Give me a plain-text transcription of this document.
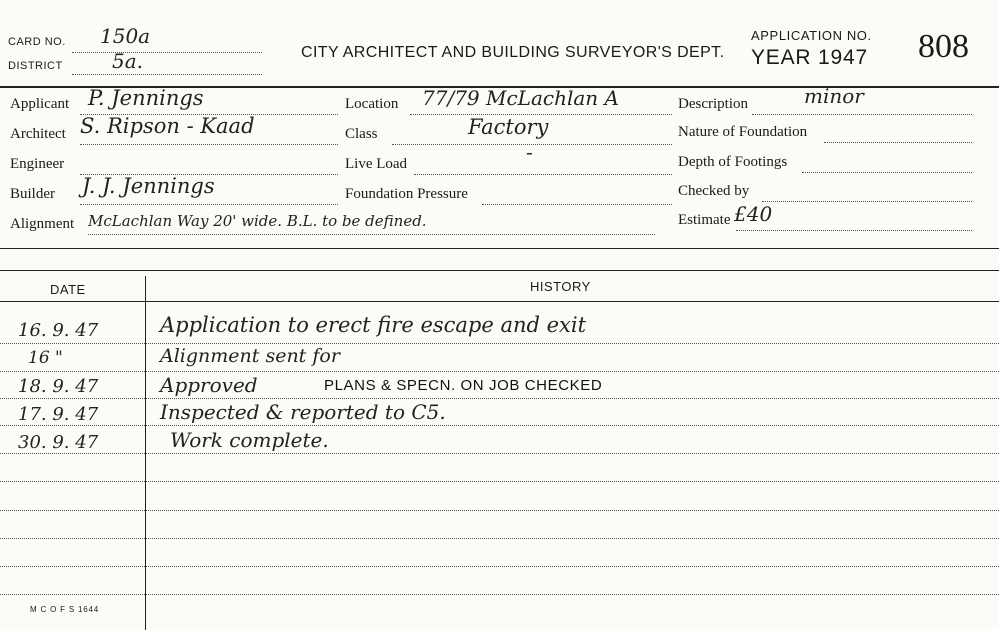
CARD NO. 150a
DISTRICT 5a.	CITY ARCHITECT AND BUILDING SURVEYOR'S DEPT.
APPLICATION NO.
YEAR 1947 808
Applicant P. Jennings
Architect S. Ripson - Kaad
Engineer
Builder J. J. Jennings
Alignment McLachlan Way 20' wide. B.L. to be defined.
Location 77/79 McLachlan A
Class	Factory
Live Load	-
Foundation Pressure
Description	minor
Nature of Foundation
Depth of Footings
Checked by
Estimate £40
DATE	HISTORY
16. 9. 47	Application to erect fire escape and exit
16 "	Alignment sent for
18. 9. 47	Approved	PLANS & SPECN. ON JOB CHECKED
17. 9. 47	Inspected & reported to C5.
30. 9. 47	Work complete.
M C O F S 1644
